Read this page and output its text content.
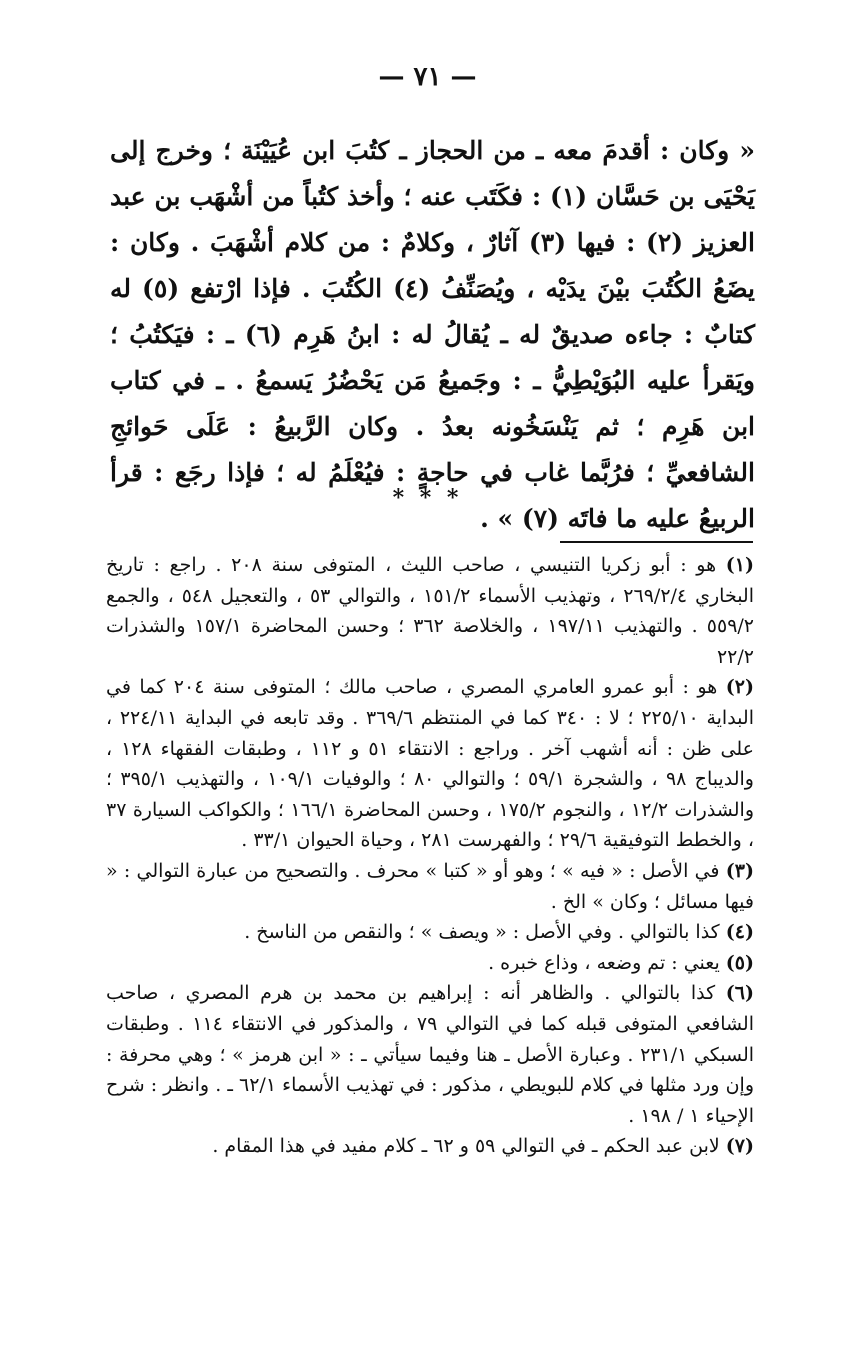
— ٧١ —

« وكان : أقدمَ معه ـ من الحجاز ـ كتُبَ ابن عُيَيْنَة ؛ وخرج إلى يَحْيَى بن حَسَّان (١) : فكَتَب عنه ؛ وأخذ كتُباً من أشْهَب بن عبد العزيز (٢) : فيها (٣) آثارٌ ، وكلامٌ : من كلام أشْهَبَ . وكان : يضَعُ الكُتُبَ بيْنَ يدَيْه ، ويُصَنِّفُ (٤) الكُتُبَ . فإذا ارْتفع (٥) له كتابٌ : جاءه صديقٌ له ـ يُقالُ له : ابنُ هَرِم (٦) ـ : فيَكتُبُ ؛ ويَقرأ عليه البُوَيْطِيُّ ـ : وجَميعُ مَن يَحْضُرُ يَسمعُ . ـ في كتاب ابن هَرِم ؛ ثم يَنْسَخُونه بعدُ . وكان الرَّبيعُ : عَلَى حَوائجِ الشافعيِّ ؛ فرُبَّما غاب في حاجةٍ : فيُعْلَمُ له ؛ فإذا رجَع : قرأ الربيعُ عليه ما فاتَه (٧) » .

* * *

(١) هو : أبو زكريا التنيسي ، صاحب الليث ، المتوفى سنة ٢٠٨ . راجع : تاريخ البخاري ٢٦٩/٢/٤ ، وتهذيب الأسماء ١٥١/٢ ، والتوالي ٥٣ ، والتعجيل ٥٤٨ ، والجمع ٥٥٩/٢ . والتهذيب ١٩٧/١١ ، والخلاصة ٣٦٢ ؛ وحسن المحاضرة ١٥٧/١ والشذرات ٢٢/٢

(٢) هو : أبو عمرو العامري المصري ، صاحب مالك ؛ المتوفى سنة ٢٠٤ كما في البداية ٢٢٥/١٠ ؛ لا : ٣٤٠ كما في المنتظم ٣٦٩/٦ . وقد تابعه في البداية ٢٢٤/١١ ، على ظن : أنه أشهب آخر . وراجع : الانتقاء ٥١ و ١١٢ ، وطبقات الفقهاء ١٢٨ ، والديباج ٩٨ ، والشجرة ٥٩/١ ؛ والتوالي ٨٠ ؛ والوفيات ١٠٩/١ ، والتهذيب ٣٩٥/١ ؛ والشذرات ١٢/٢ ، والنجوم ١٧٥/٢ ، وحسن المحاضرة ١٦٦/١ ؛ والكواكب السيارة ٣٧ ، والخطط التوفيقية ٢٩/٦ ؛ والفهرست ٢٨١ ، وحياة الحيوان ٣٣/١ .

(٣) في الأصل : « فيه » ؛ وهو أو « كتبا » محرف . والتصحيح من عبارة التوالي : « فيها مسائل ؛ وكان » الخ .

(٤) كذا بالتوالي . وفي الأصل : « ويصف » ؛ والنقص من الناسخ .

(٥) يعني : تم وضعه ، وذاع خبره .

(٦) كذا بالتوالي . والظاهر أنه : إبراهيم بن محمد بن هرم المصري ، صاحب الشافعي المتوفى قبله كما في التوالي ٧٩ ، والمذكور في الانتقاء ١١٤ . وطبقات السبكي ٢٣١/١ . وعبارة الأصل ـ هنا وفيما سيأتي ـ : « ابن هرمز » ؛ وهي محرفة : وإن ورد مثلها في كلام للبويطي ، مذكور : في تهذيب الأسماء ٦٢/١ ـ . وانظر : شرح الإحياء ١ / ١٩٨ .

(٧) لابن عبد الحكم ـ في التوالي ٥٩ و ٦٢ ـ كلام مفيد في هذا المقام .
